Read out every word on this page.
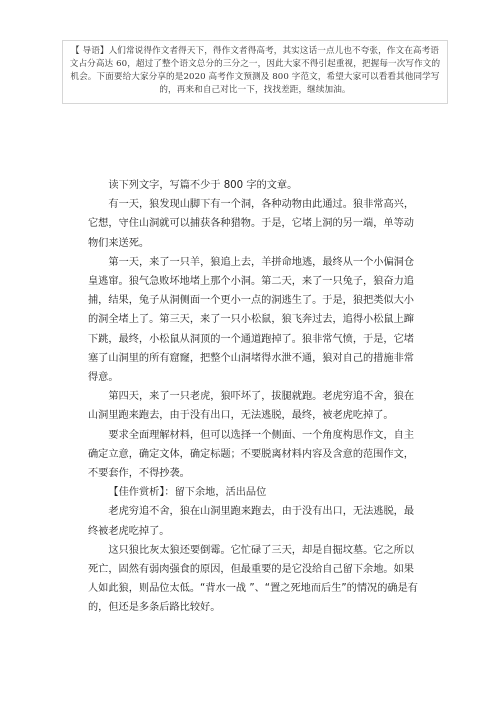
【 导语】人们常说得作文者得天下，得作文者得高考，其实这话一点儿也不夸张，作文在高考语文占分高达 60，超过了整个语文总分的三分之一，因此大家不得引起重视，把握每一次写作文的机会。下面要给大家分享的是2020 高考作文预测及 800 字范文，希望大家可以看看其他同学写的，再来和自己对比一下，找找差距，继续加油。

读下列文字，写篇不少于 800 字的文章。

有一天，狼发现山脚下有一个洞，各种动物由此通过。狼非常高兴，它想，守住山洞就可以捕获各种猎物。于是，它堵上洞的另一端，单等动物们来送死。

第一天，来了一只羊，狼追上去，羊拼命地逃，最终从一个小偏洞仓皇逃窜。狼气急败坏地堵上那个小洞。第二天，来了一只兔子，狼奋力追捕，结果，兔子从洞侧面一个更小一点的洞逃生了。于是，狼把类似大小的洞全堵上了。第三天，来了一只小松鼠，狼飞奔过去，追得小松鼠上蹿下跳，最终，小松鼠从洞顶的一个通道跑掉了。狼非常气愤，于是，它堵塞了山洞里的所有窟窿，把整个山洞堵得水泄不通，狼对自己的措施非常得意。

第四天，来了一只老虎，狼吓坏了，拔腿就跑。老虎穷追不舍，狼在山洞里跑来跑去，由于没有出口，无法逃脱，最终，被老虎吃掉了。

要求全面理解材料，但可以选择一个侧面、一个角度构思作文，自主确定立意，确定文体，确定标题；不要脱离材料内容及含意的范围作文，不要套作，不得抄袭。

【佳作赏析】：留下余地，活出品位

老虎穷追不舍，狼在山洞里跑来跑去，由于没有出口，无法逃脱，最终被老虎吃掉了。

这只狼比灰太狼还要倒霉。它忙碌了三天，却是自掘坟墓。它之所以死亡，固然有弱肉强食的原因，但最重要的是它没给自己留下余地。如果人如此狼，则品位太低。“背水一战 ”、“置之死地而后生”的情况的确是有的，但还是多条后路比较好。
